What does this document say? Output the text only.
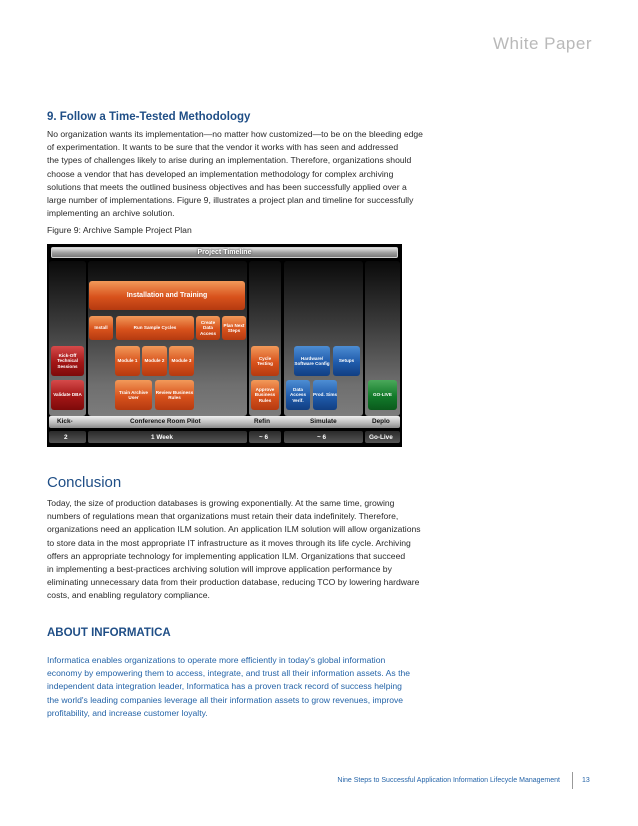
White Paper
9. Follow a Time-Tested Methodology

No organization wants its implementation—no matter how customized—to be on the bleeding edge

of experimentation. It wants to be sure that the vendor it works with has seen and addressed

the types of challenges likely to arise during an implementation. Therefore, organizations should

choose a vendor that has developed an implementation methodology for complex archiving

solutions that meets the outlined business objectives and has been successfully applied over a

large number of implementations. Figure 9, illustrates a project plan and timeline for successfully

implementing an archive solution.

Figure 9: Archive Sample Project Plan
Project Timeline
Installation and Training
Install	Run Sample Cycles
Create Data Access
Plan Next Steps
Kick-Off Technical Sessions
Module 1	Module 2	Module 3
Cycle Testing
Hardware/ Software Config
Setups
Validate DBA
Train Archive User
Review Business Rules
Approve Business Rules
Data Access Verif.
Prod. Sims	GO-LIVE
Kick-	Conference Room Pilot	Refin	Simulate	Deplo
2	1 Week	~ 6	~ 6	Go-Live
Conclusion

Today, the size of production databases is growing exponentially. At the same time, growing

numbers of regulations mean that organizations must retain their data indefinitely. Therefore,

organizations need an application ILM solution. An application ILM solution will allow organizations

to store data in the most appropriate IT infrastructure as it moves through its life cycle. Archiving

offers an appropriate technology for implementing application ILM. Organizations that succeed

in implementing a best-practices archiving solution will improve application performance by

eliminating unnecessary data from their production database, reducing TCO by lowering hardware

costs, and enabling regulatory compliance.

ABOUT INFORMATICA

Informatica enables organizations to operate more efficiently in today's global information

economy by empowering them to access, integrate, and trust all their information assets. As the

independent data integration leader, Informatica has a proven track record of success helping

the world's leading companies leverage all their information assets to grow revenues, improve

profitability, and increase customer loyalty.

Nine Steps to Successful Application Information Lifecycle Management	13
